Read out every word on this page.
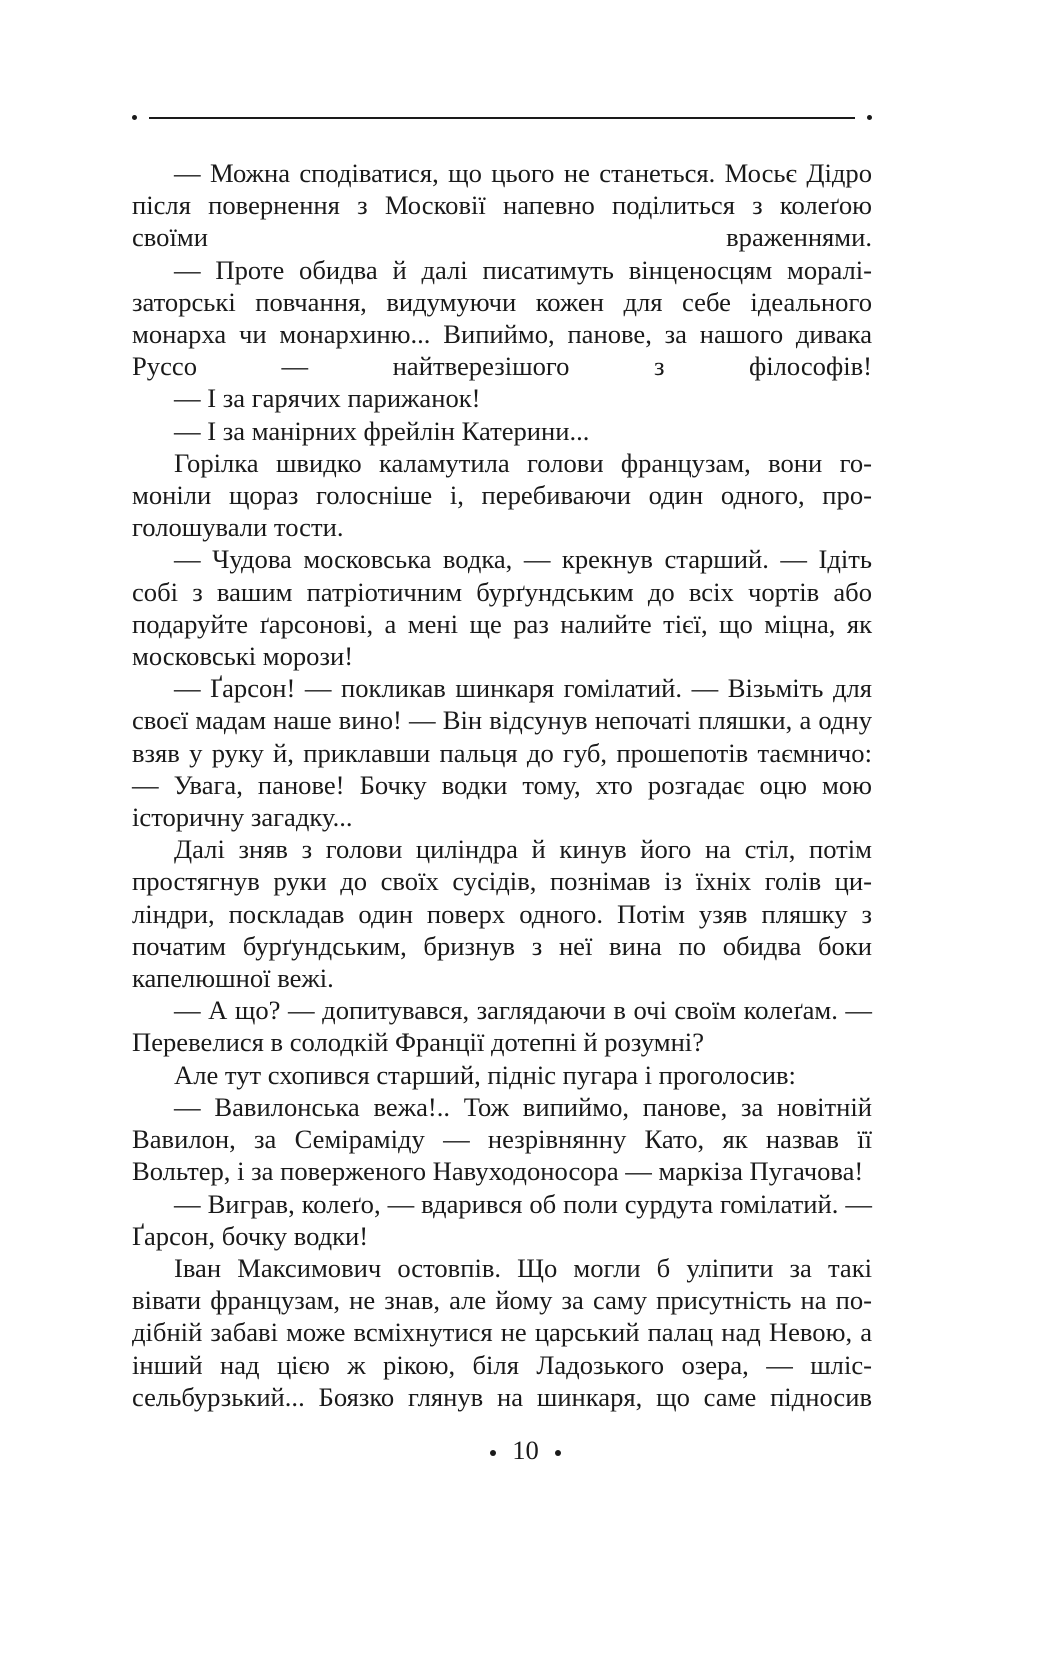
— Можна сподіватися, що цього не станеться. Мосьє Дідро після повернення з Московії напевно поділиться з колеґою своїми враженнями.

— Проте обидва й далі писатимуть вінценосцям моралізаторські повчання, видумуючи кожен для себе ідеального монарха чи монархиню... Випиймо, панове, за нашого дивака Руссо — найтверезішого з філософів!

— І за гарячих парижанок!

— І за манірних фрейлін Катерини...

Горілка швидко каламутила голови французам, вони гомоніли щораз голосніше і, перебиваючи один одного, проголошували тости.

— Чудова московська водка, — крекнув старший. — Ідіть собі з вашим патріотичним бурґундським до всіх чортів або подаруйте ґарсонові, а мені ще раз налийте тієї, що міцна, як московські морози!

— Ґарсон! — покликав шинкаря гомілатий. — Візьміть для своєї мадам наше вино! — Він відсунув непочаті пляшки, а одну взяв у руку й, приклавши пальця до губ, прошепотів таємничо: — Увага, панове! Бочку водки тому, хто розгадає оцю мою історичну загадку...

Далі зняв з голови циліндра й кинув його на стіл, потім простягнув руки до своїх сусідів, познімав із їхніх голів циліндри, поскладав один поверх одного. Потім узяв пляшку з початим бурґундським, бризнув з неї вина по обидва боки капелюшної вежі.

— А що? — допитувався, заглядаючи в очі своїм колеґам. — Перевелися в солодкій Франції дотепні й розумні?

Але тут схопився старший, підніс пугара і проголосив:

— Вавилонська вежа!.. Тож випиймо, панове, за новітній Вавилон, за Семіраміду — незрівнянну Като, як назвав її Вольтер, і за поверженого Навуходоносора — маркіза Пугачова!

— Виграв, колеґо, — вдарився об поли сурдута гомілатий. — Ґарсон, бочку водки!

Іван Максимович остовпів. Що могли б уліпити за такі вівати французам, не знав, але йому за саму присутність на подібній забаві може всміхнутися не царський палац над Невою, а інший над цією ж рікою, біля Ладозького озера, — шліссельбурзький... Боязко глянув на шинкаря, що саме підносив

10
